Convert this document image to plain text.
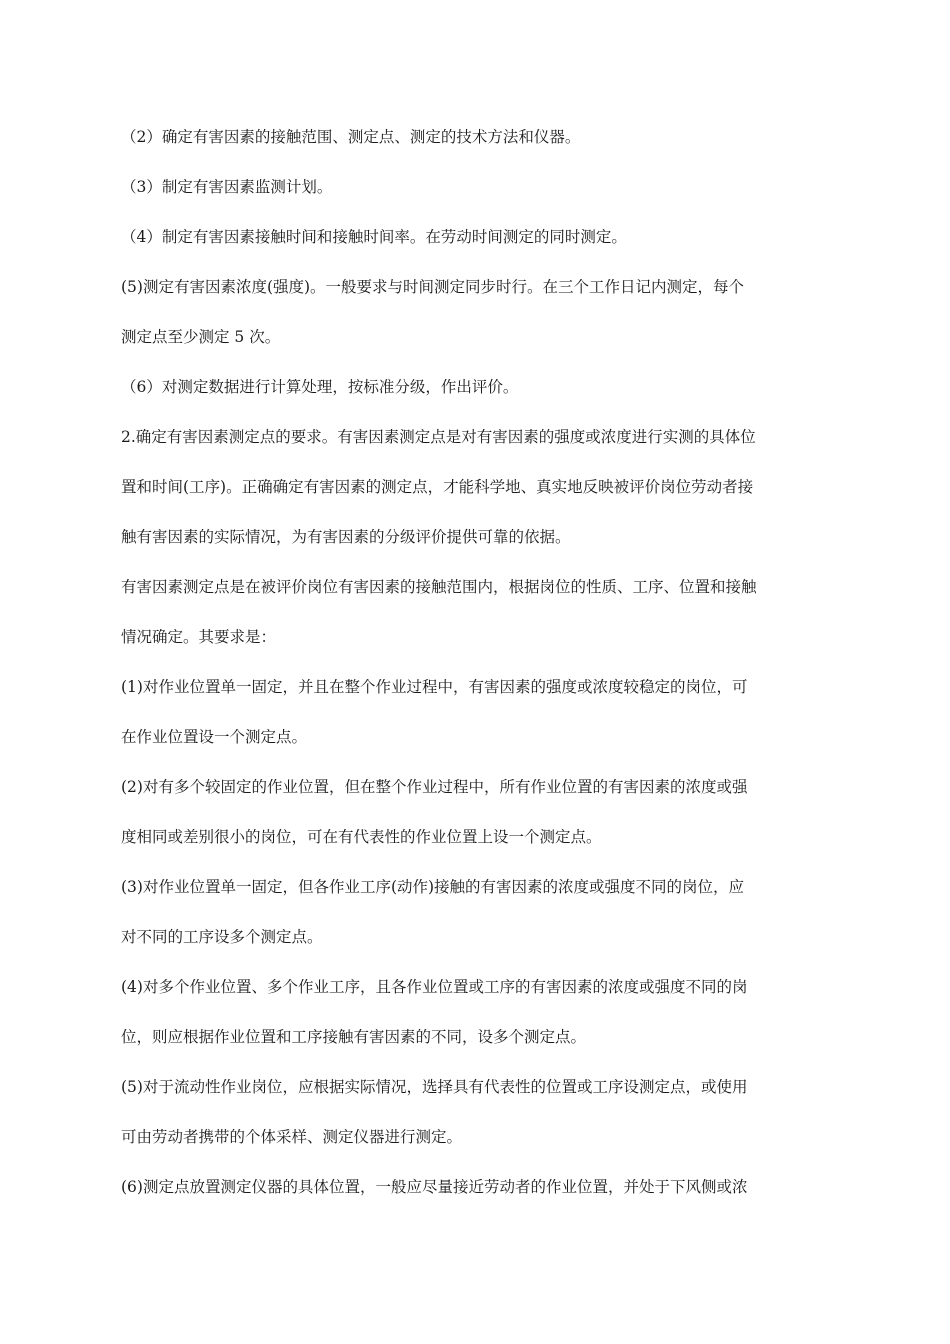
（2）确定有害因素的接触范围、测定点、测定的技术方法和仪器。
（3）制定有害因素监测计划。
（4）制定有害因素接触时间和接触时间率。在劳动时间测定的同时测定。
(5)测定有害因素浓度(强度)。一般要求与时间测定同步时行。在三个工作日记内测定，每个
测定点至少测定 5 次。
（6）对测定数据进行计算处理，按标准分级，作出评价。
2.确定有害因素测定点的要求。有害因素测定点是对有害因素的强度或浓度进行实测的具体位
置和时间(工序)。正确确定有害因素的测定点，才能科学地、真实地反映被评价岗位劳动者接
触有害因素的实际情况，为有害因素的分级评价提供可靠的依据。
有害因素测定点是在被评价岗位有害因素的接触范围内，根据岗位的性质、工序、位置和接触
情况确定。其要求是：
(1)对作业位置单一固定，并且在整个作业过程中，有害因素的强度或浓度较稳定的岗位，可
在作业位置设一个测定点。
(2)对有多个较固定的作业位置，但在整个作业过程中，所有作业位置的有害因素的浓度或强
度相同或差别很小的岗位，可在有代表性的作业位置上设一个测定点。
(3)对作业位置单一固定，但各作业工序(动作)接触的有害因素的浓度或强度不同的岗位，应
对不同的工序设多个测定点。
(4)对多个作业位置、多个作业工序，且各作业位置或工序的有害因素的浓度或强度不同的岗
位，则应根据作业位置和工序接触有害因素的不同，设多个测定点。
(5)对于流动性作业岗位，应根据实际情况，选择具有代表性的位置或工序设测定点，或使用
可由劳动者携带的个体采样、测定仪器进行测定。
(6)测定点放置测定仪器的具体位置，一般应尽量接近劳动者的作业位置，并处于下风侧或浓
